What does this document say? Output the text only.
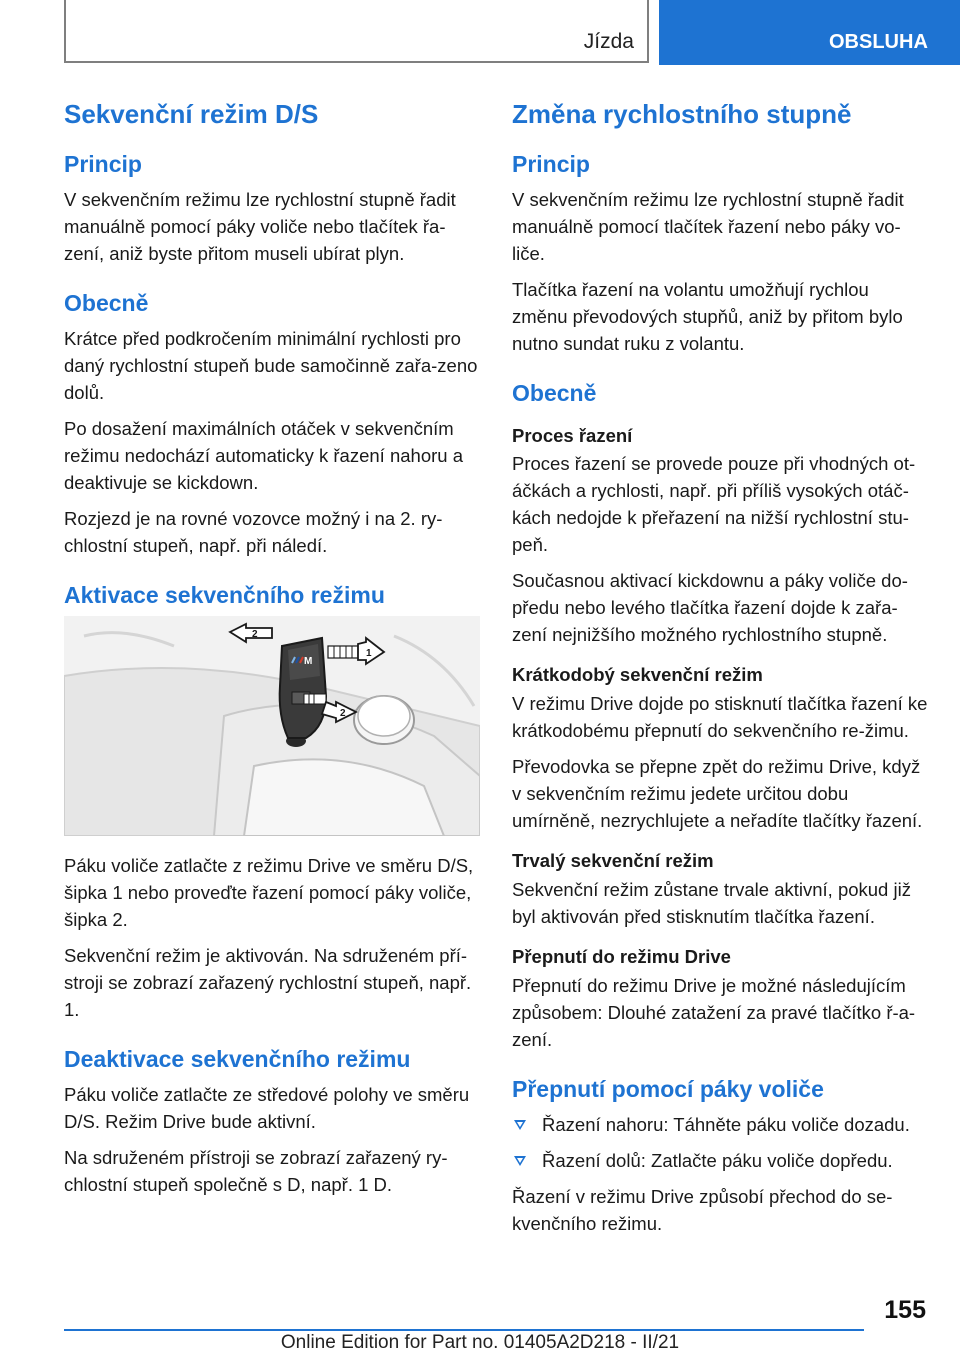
Jízda	OBSLUHA
Sekvenční režim D/S
Princip

V sekvenčním režimu lze rychlostní stupně řadit manuálně pomocí páky voliče nebo tlačítek řa-zení, aniž byste přitom museli ubírat plyn.

Obecně

Krátce před podkročením minimální rychlosti pro daný rychlostní stupeň bude samočinně zařa-zeno dolů.

Po dosažení maximálních otáček v sekvenčním režimu nedochází automaticky k řazení nahoru a deaktivuje se kickdown.

Rozjezd je na rovné vozovce možný i na 2. ry-chlostní stupeň, např. při náledí.

Aktivace sekvenčního režimu
M
2
1
2

Páku voliče zatlačte z režimu Drive ve směru D/S, šipka 1 nebo proveďte řazení pomocí páky voliče, šipka 2.

Sekvenční režim je aktivován. Na sdruženém pří-stroji se zobrazí zařazený rychlostní stupeň, např. 1.

Deaktivace sekvenčního režimu

Páku voliče zatlačte ze středové polohy ve směru D/S. Režim Drive bude aktivní.

Na sdruženém přístroji se zobrazí zařazený ry-chlostní stupeň společně s D, např. 1 D.

Změna rychlostního stupně
Princip

V sekvenčním režimu lze rychlostní stupně řadit manuálně pomocí tlačítek řazení nebo páky vo-liče.

Tlačítka řazení na volantu umožňují rychlou změnu převodových stupňů, aniž by přitom bylo nutno sundat ruku z volantu.

Obecně
Proces řazení

Proces řazení se provede pouze při vhodných ot-áčkách a rychlosti, např. při příliš vysokých otáč-kách nedojde k přeřazení na nižší rychlostní stu-peň.

Současnou aktivací kickdownu a páky voliče do-předu nebo levého tlačítka řazení dojde k zařa-zení nejnižšího možného rychlostního stupně.

Krátkodobý sekvenční režim

V režimu Drive dojde po stisknutí tlačítka řazení ke krátkodobému přepnutí do sekvenčního re-žimu.

Převodovka se přepne zpět do režimu Drive, když v sekvenčním režimu jedete určitou dobu umírněně, nezrychlujete a neřadíte tlačítky řazení.

Trvalý sekvenční režim

Sekvenční režim zůstane trvale aktivní, pokud již byl aktivován před stisknutím tlačítka řazení.

Přepnutí do režimu Drive

Přepnutí do režimu Drive je možné následujícím způsobem: Dlouhé zatažení za pravé tlačítko ř-a-zení.

Přepnutí pomocí páky voliče
Řazení nahoru: Táhněte páku voliče dozadu.
Řazení dolů: Zatlačte páku voliče dopředu.

Řazení v režimu Drive způsobí přechod do se-kvenčního režimu.

155
Online Edition for Part no. 01405A2D218 - II/21
